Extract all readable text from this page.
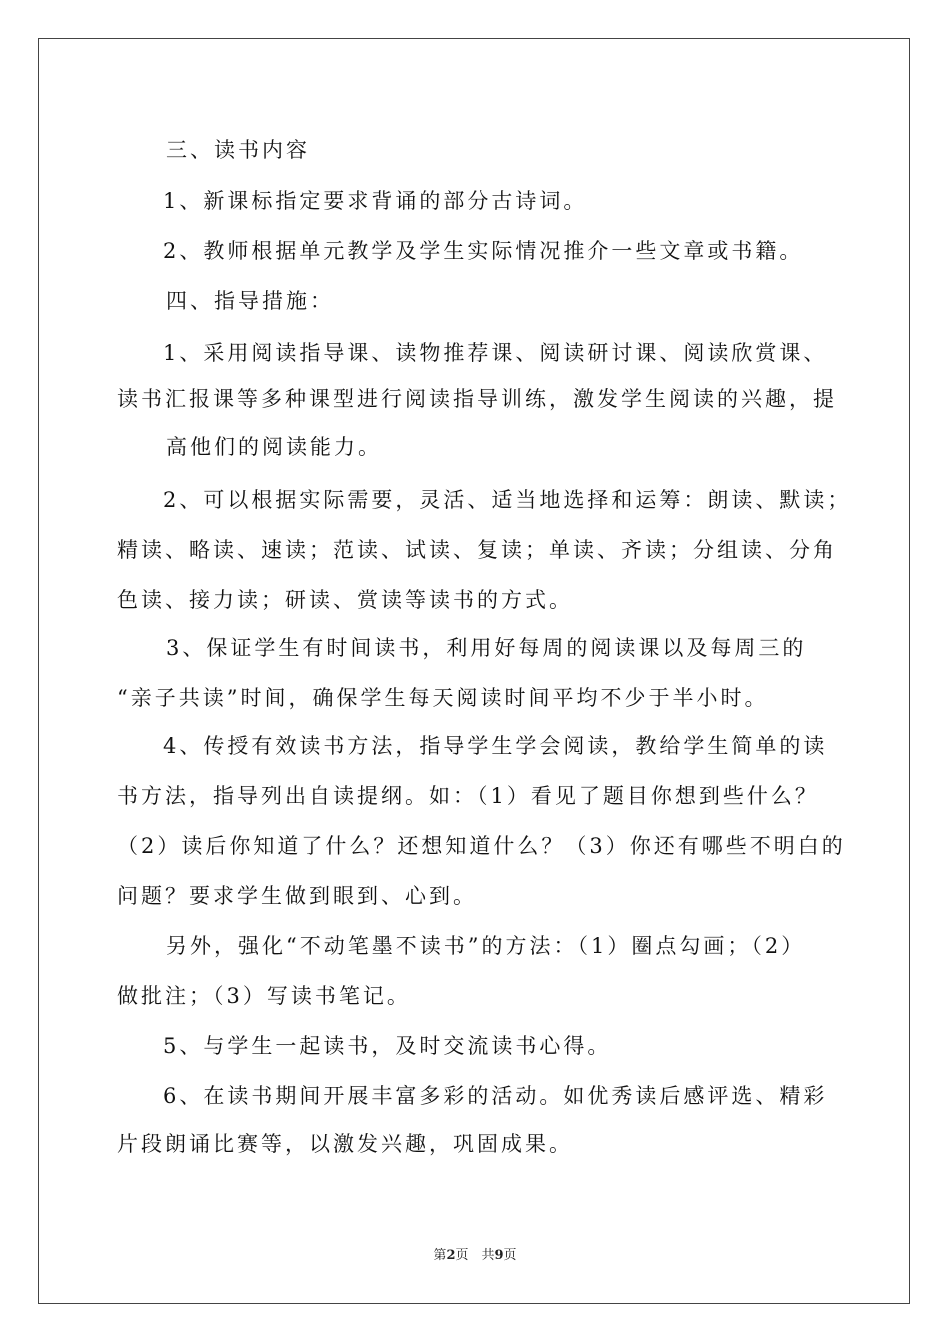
三、读书内容
1、新课标指定要求背诵的部分古诗词。
2、教师根据单元教学及学生实际情况推介一些文章或书籍。
四、指导措施：
1、采用阅读指导课、读物推荐课、阅读研讨课、阅读欣赏课、
读书汇报课等多种课型进行阅读指导训练，激发学生阅读的兴趣，提
高他们的阅读能力。
2、可以根据实际需要，灵活、适当地选择和运筹：朗读、默读；
精读、略读、速读；范读、试读、复读；单读、齐读；分组读、分角
色读、接力读；研读、赏读等读书的方式。
3、保证学生有时间读书，利用好每周的阅读课以及每周三的
“亲子共读”时间，确保学生每天阅读时间平均不少于半小时。
4、传授有效读书方法，指导学生学会阅读，教给学生简单的读
书方法，指导列出自读提纲。如：（1）看见了题目你想到些什么？
（2）读后你知道了什么？还想知道什么？（3）你还有哪些不明白的
问题？要求学生做到眼到、心到。
另外，强化“不动笔墨不读书”的方法：（1）圈点勾画；（2）
做批注；（3）写读书笔记。
5、与学生一起读书，及时交流读书心得。
6、在读书期间开展丰富多彩的活动。如优秀读后感评选、精彩
片段朗诵比赛等，以激发兴趣，巩固成果。
第2页　共9页
